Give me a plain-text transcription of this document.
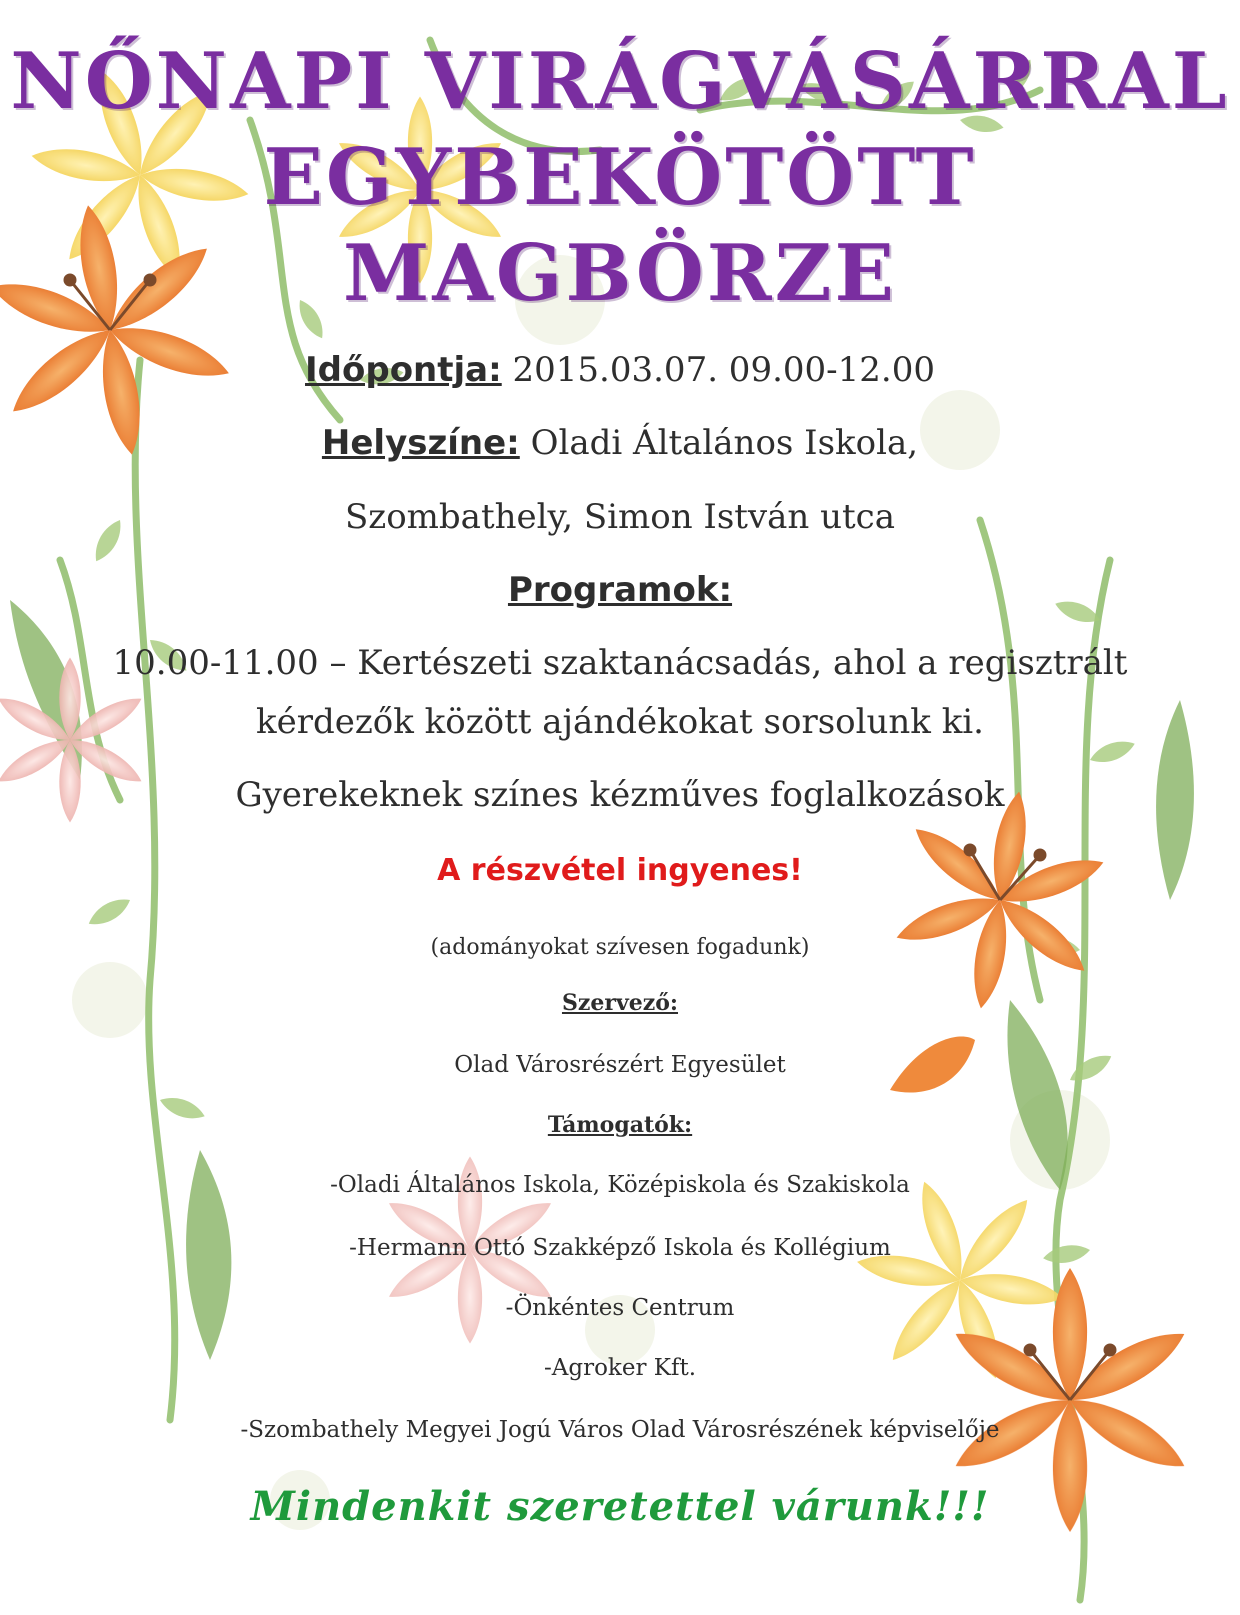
NŐNAPI VIRÁGVÁSÁRRAL
EGYBEKÖTÖTT
MAGBÖRZE
Időpontja: 2015.03.07. 09.00-12.00
Helyszíne: Oladi Általános Iskola,
Szombathely, Simon István utca
Programok:
10.00-11.00 – Kertészeti szaktanácsadás, ahol a regisztrált
kérdezők között ajándékokat sorsolunk ki.
Gyerekeknek színes kézműves foglalkozások
A részvétel ingyenes!
(adományokat szívesen fogadunk)
Szervező:
Olad Városrészért Egyesület
Támogatók:
-Oladi Általános Iskola, Középiskola és Szakiskola
-Hermann Ottó Szakképző Iskola és Kollégium
-Önkéntes Centrum
-Agroker Kft.
-Szombathely Megyei Jogú Város Olad Városrészének képviselője
Mindenkit szeretettel várunk!!!
